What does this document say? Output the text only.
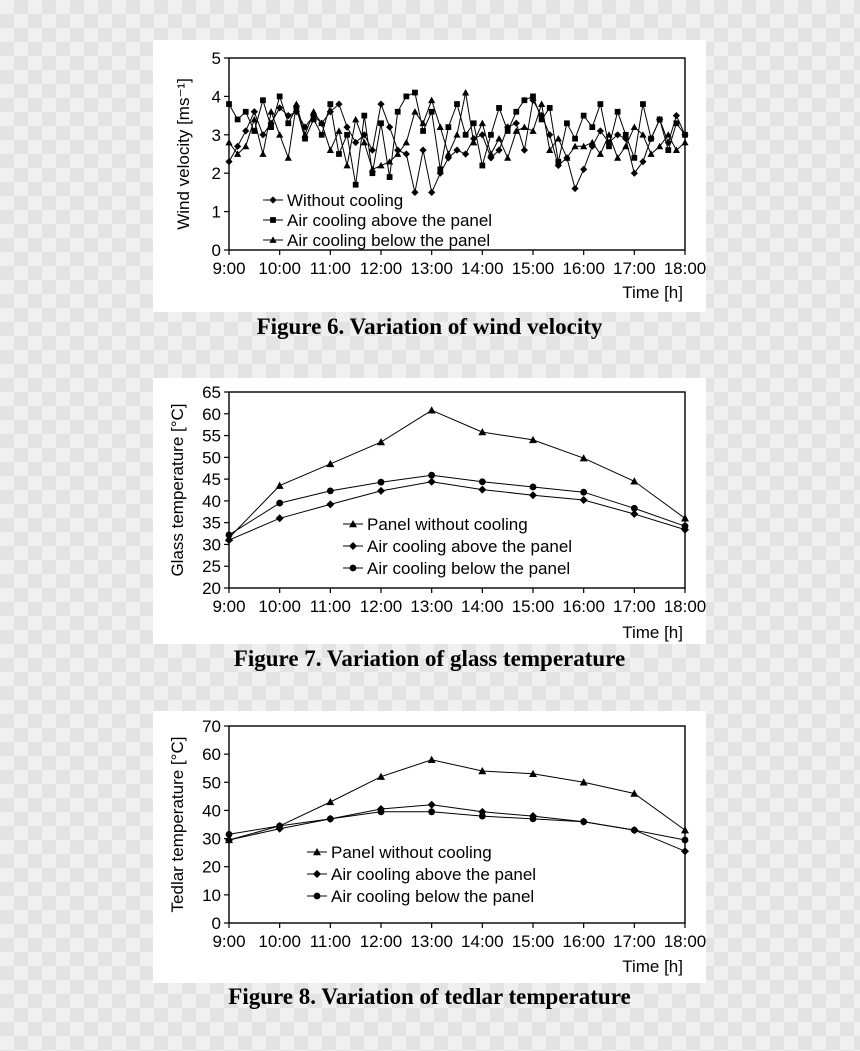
0
1
2
3
4
5
9:00 10:00 11:00 12:00 13:00 14:00 15:00 16:00 17:00 18:00
Wind velocity [ms⁻¹]
Time [h]
Without cooling
Air cooling above the panel
Air cooling below the panel
Figure 6. Variation of wind velocity
20
25
30
35
40
45
50
55
60
65
9:00 10:00 11:00 12:00 13:00 14:00 15:00 16:00 17:00 18:00
Glass temperature [°C]
Time [h]
Panel without cooling
Air cooling above the panel
Air cooling below the panel
Figure 7. Variation of glass temperature
0
10
20
30
40
50
60
70
9:00 10:00 11:00 12:00 13:00 14:00 15:00 16:00 17:00 18:00
Tedlar temperature [°C]
Time [h]
Panel without cooling
Air cooling above the panel
Air cooling below the panel
Figure 8. Variation of tedlar temperature
